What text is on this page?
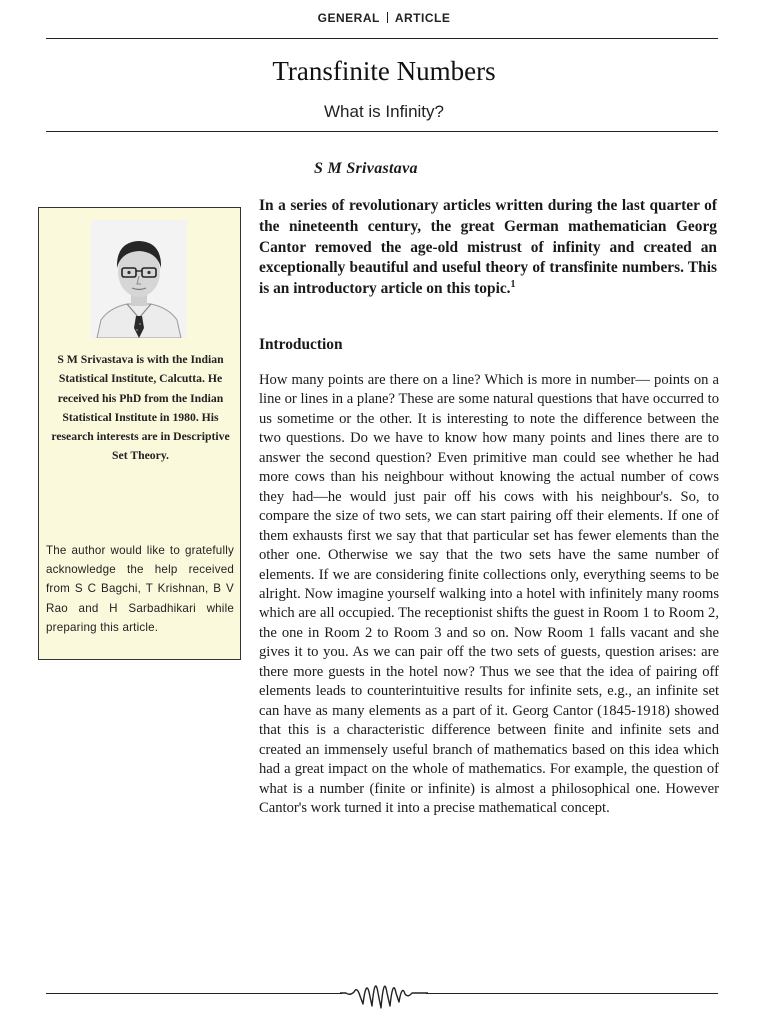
GENERAL ARTICLE
Transfinite Numbers
What is Infinity?
S M Srivastava
S M Srivastava is with the Indian Statistical Institute, Calcutta. He received his PhD from the Indian Statistical Institute in 1980. His research interests are in Descriptive Set Theory.
The author would like to gratefully acknowledge the help received from S C Bagchi, T Krishnan, B V Rao and H Sarbadhikari while preparing this article.
In a series of revolutionary articles written during the last quarter of the nineteenth century, the great German mathematician Georg Cantor removed the age-old mistrust of infinity and created an exceptionally beautiful and useful theory of transfinite numbers. This is an introductory article on this topic.$^1$
Introduction
How many points are there on a line? Which is more in number— points on a line or lines in a plane? These are some natural questions that have occurred to us sometime or the other. It is interesting to note the difference between the two questions. Do we have to know how many points and lines there are to answer the second question? Even primitive man could see whether he had more cows than his neighbour without knowing the actual number of cows they had—he would just pair off his cows with his neighbour's. So, to compare the size of two sets, we can start pairing off their elements. If one of them exhausts first we say that that particular set has fewer elements than the other one. Otherwise we say that the two sets have the same number of elements. If we are considering finite collections only, everything seems to be alright. Now imagine yourself walking into a hotel with infinitely many rooms which are all occupied. The receptionist shifts the guest in Room 1 to Room 2, the one in Room 2 to Room 3 and so on. Now Room 1 falls vacant and she gives it to you. As we can pair off the two sets of guests, question arises: are there more guests in the hotel now? Thus we see that the idea of pairing off elements leads to counterintuitive results for infinite sets, e.g., an infinite set can have as many elements as a part of it. Georg Cantor (1845-1918) showed that this is a characteristic difference between finite and infinite sets and created an immensely useful branch of mathematics based on this idea which had a great impact on the whole of mathematics. For example, the question of what is a number (finite or infinite) is almost a philosophical one. However Cantor's work turned it into a precise mathematical concept.
